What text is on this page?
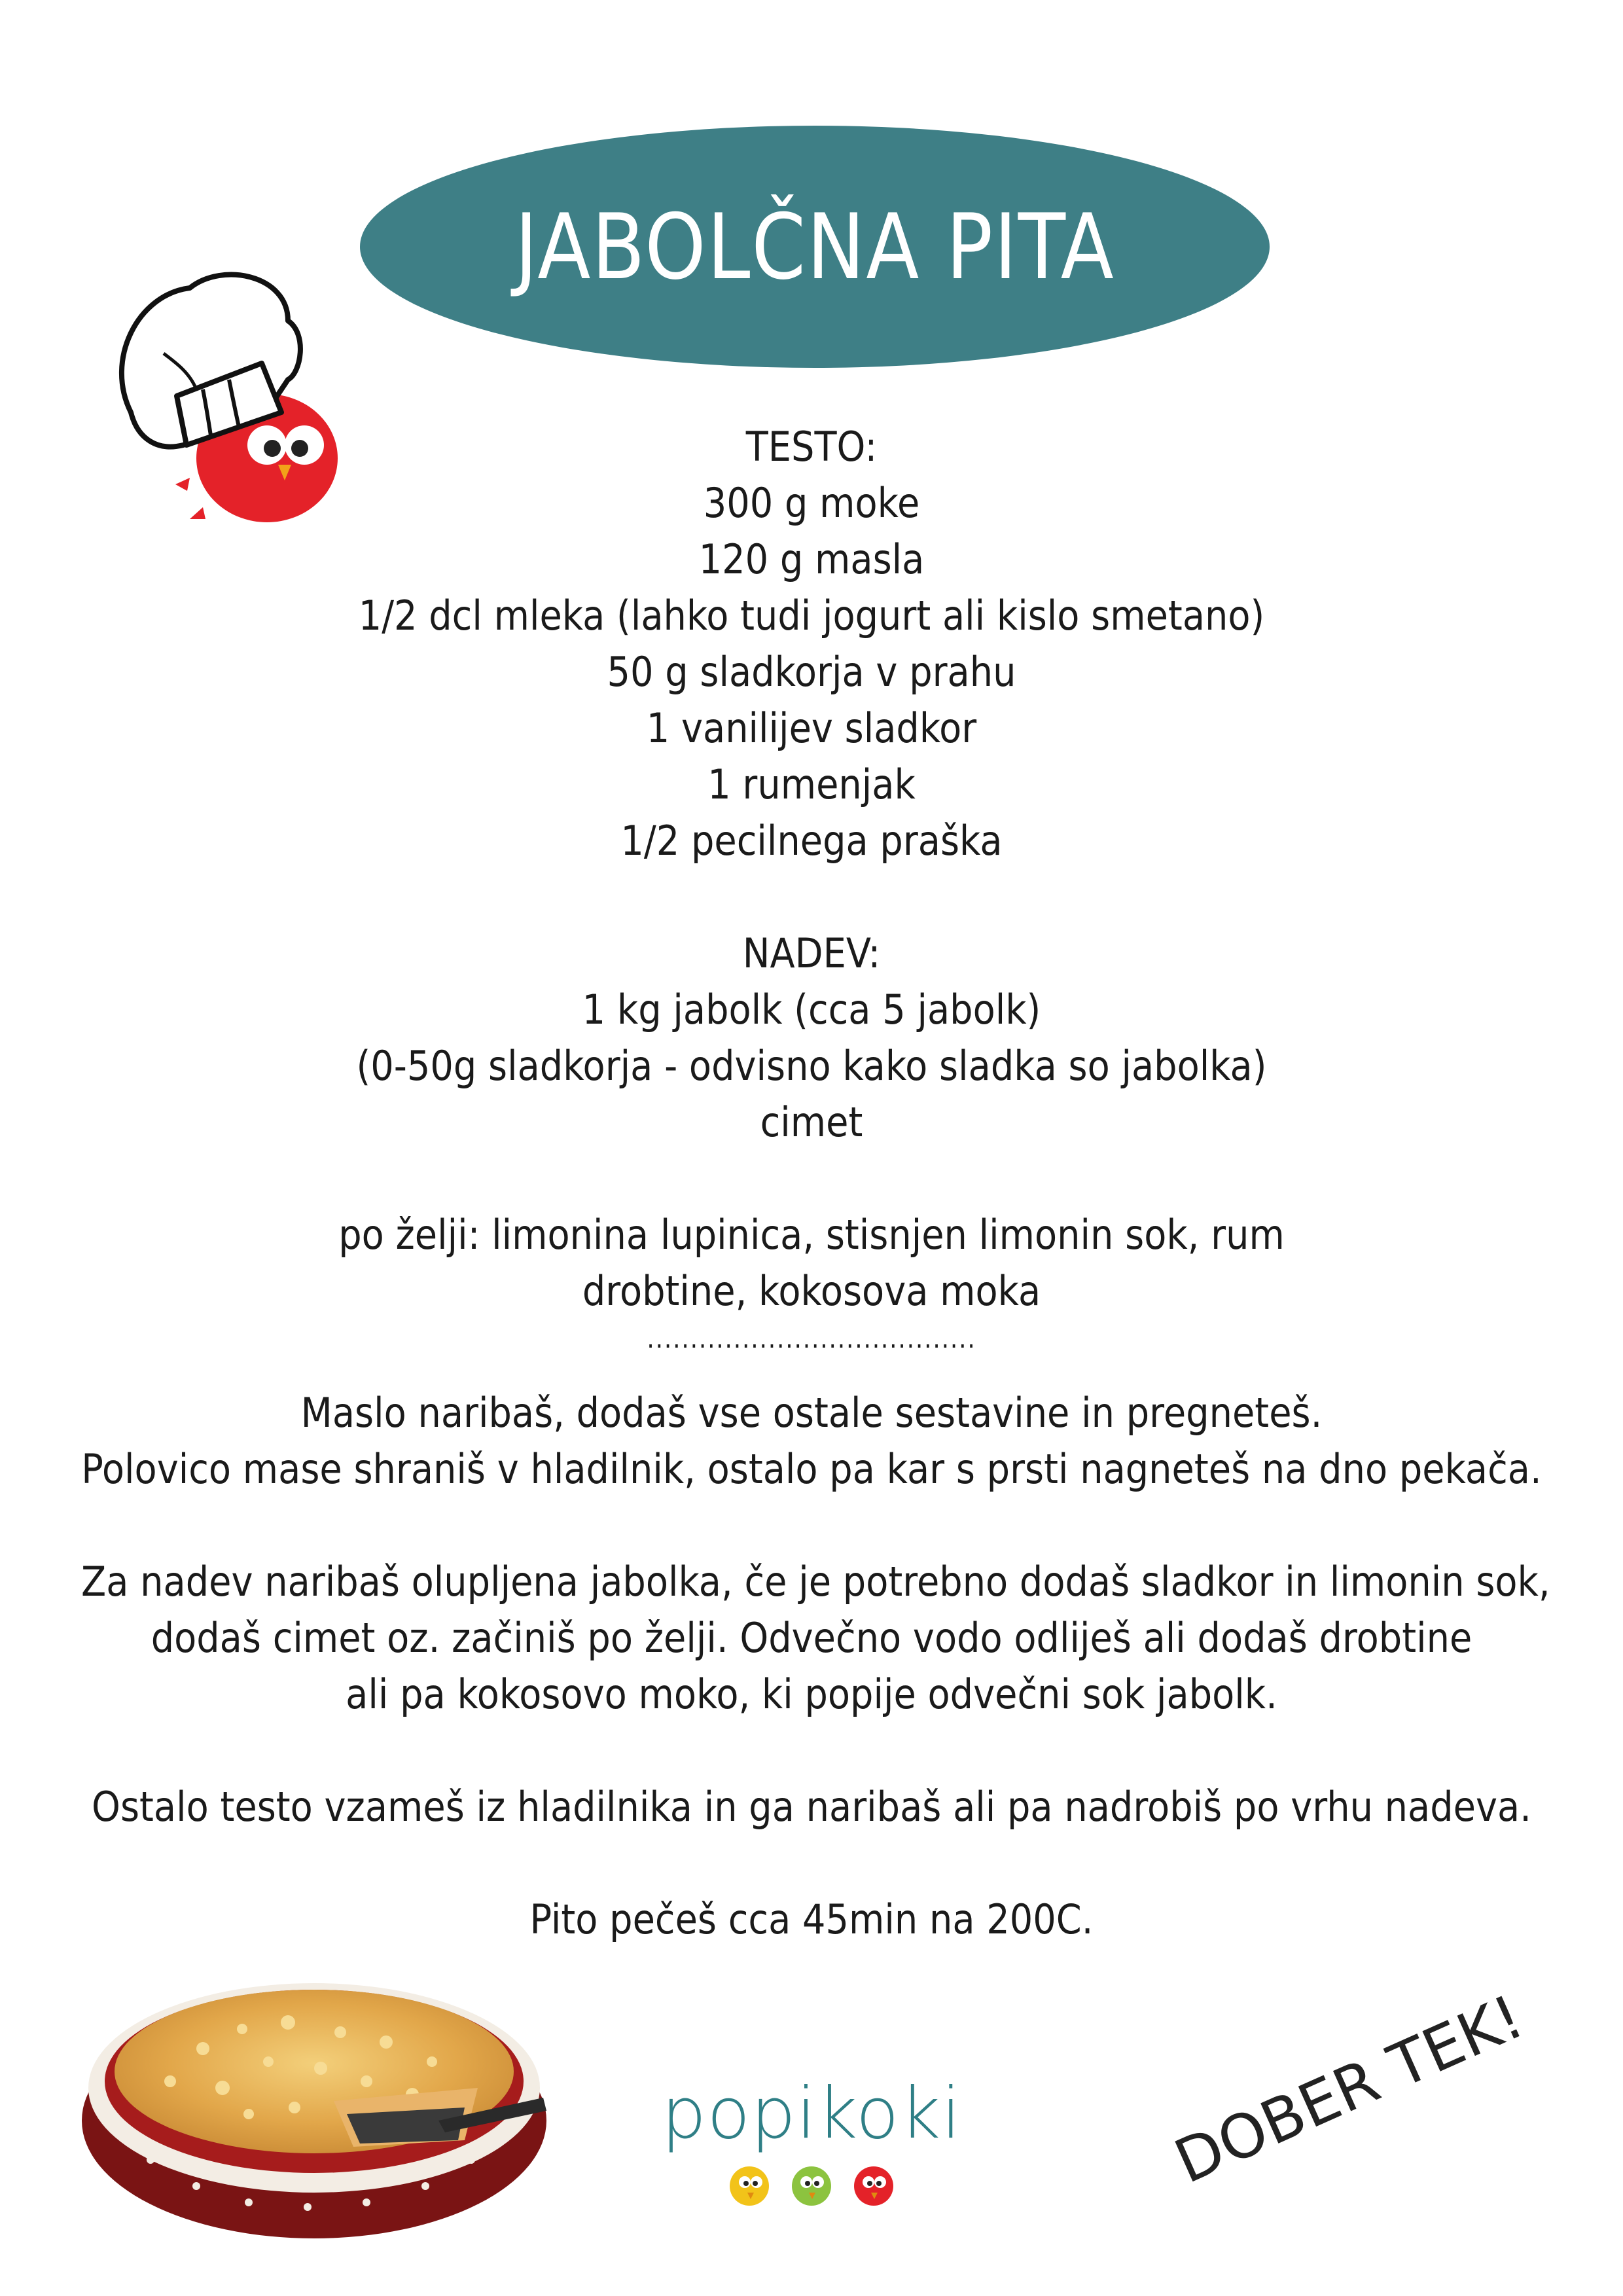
JABOLČNA PITA
TESTO:
300 g moke
120 g masla
1/2 dcl mleka (lahko tudi jogurt ali kislo smetano)
50 g sladkorja v prahu
1 vanilijev sladkor
1 rumenjak
1/2 pecilnega praška
NADEV:
1 kg jabolk (cca 5 jabolk)
(0-50g sladkorja - odvisno kako sladka so jabolka)
cimet
po želji: limonina lupinica, stisnjen limonin sok, rum
drobtine, kokosova moka
......................................
Maslo naribaš, dodaš vse ostale sestavine in pregneteš.
Polovico mase shraniš v hladilnik, ostalo pa kar s prsti nagneteš na dno pekača.
Za nadev naribaš olupljena jabolka, če je potrebno dodaš sladkor in limonin sok,
dodaš cimet oz. začiniš po želji. Odvečno vodo odliješ ali dodaš drobtine
ali pa kokosovo moko, ki popije odvečni sok jabolk.
Ostalo testo vzameš iz hladilnika in ga naribaš ali pa nadrobiš po vrhu nadeva.
Pito pečeš cca 45min na 200C.
popikoki	DOBER TEK!
